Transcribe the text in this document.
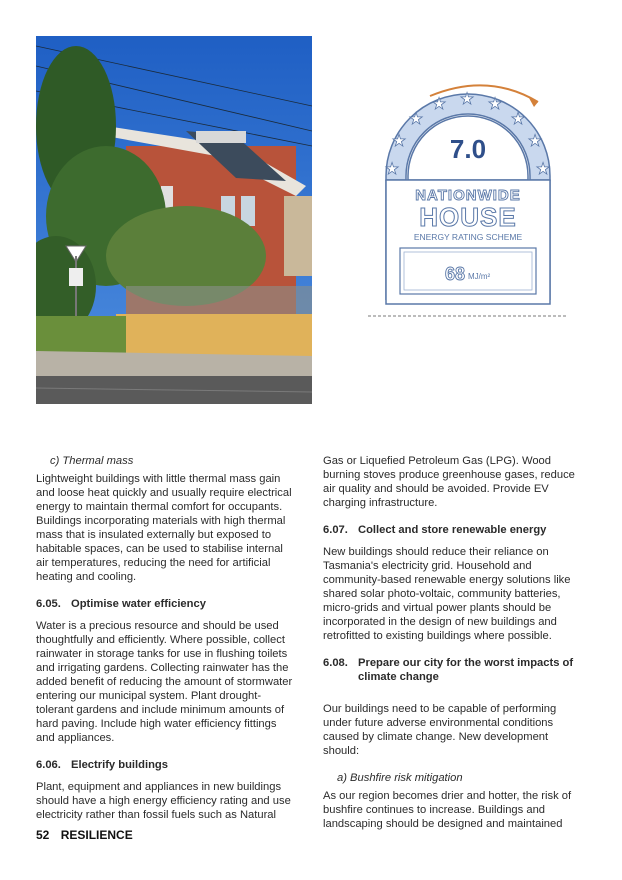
★
★
★
★ ★ ★
★
★
★
7.0
NATIONWIDE
HOUSE
ENERGY RATING SCHEME
68 MJ/m²
c) Thermal mass

Lightweight buildings with little thermal mass gain and loose heat quickly and usually require electrical energy to maintain thermal comfort for occupants. Buildings incorporating materials with high thermal mass that is insulated externally but exposed to habitable spaces, can be used to stabilise internal air temperatures, reducing the need for artificial heating and cooling.

6.05. Optimise water efficiency

Water is a precious resource and should be used thoughtfully and efficiently. Where possible, collect rainwater in storage tanks for use in flushing toilets and irrigating gardens. Collecting rainwater has the added benefit of reducing the amount of stormwater entering our municipal system. Plant drought-tolerant gardens and include minimum amounts of hard paving. Include high water efficiency fittings and appliances.

6.06. Electrify buildings

Plant, equipment and appliances in new buildings should have a high energy efficiency rating and use electricity rather than fossil fuels such as Natural

Gas or Liquefied Petroleum Gas (LPG). Wood burning stoves produce greenhouse gases, reduce air quality and should be avoided. Provide EV charging infrastructure.

6.07. Collect and store renewable energy

New buildings should reduce their reliance on Tasmania's electricity grid. Household and community-based renewable energy solutions like shared solar photo-voltaic, community batteries, micro-grids and virtual power plants should be incorporated in the design of new buildings and retrofitted to existing buildings where possible.

6.08. Prepare our city for the worst impacts of climate change

Our buildings need to be capable of performing under future adverse environmental conditions caused by climate change. New development should:

a) Bushfire risk mitigation

As our region becomes drier and hotter, the risk of bushfire continues to increase. Buildings and landscaping should be designed and maintained

52 RESILIENCE
